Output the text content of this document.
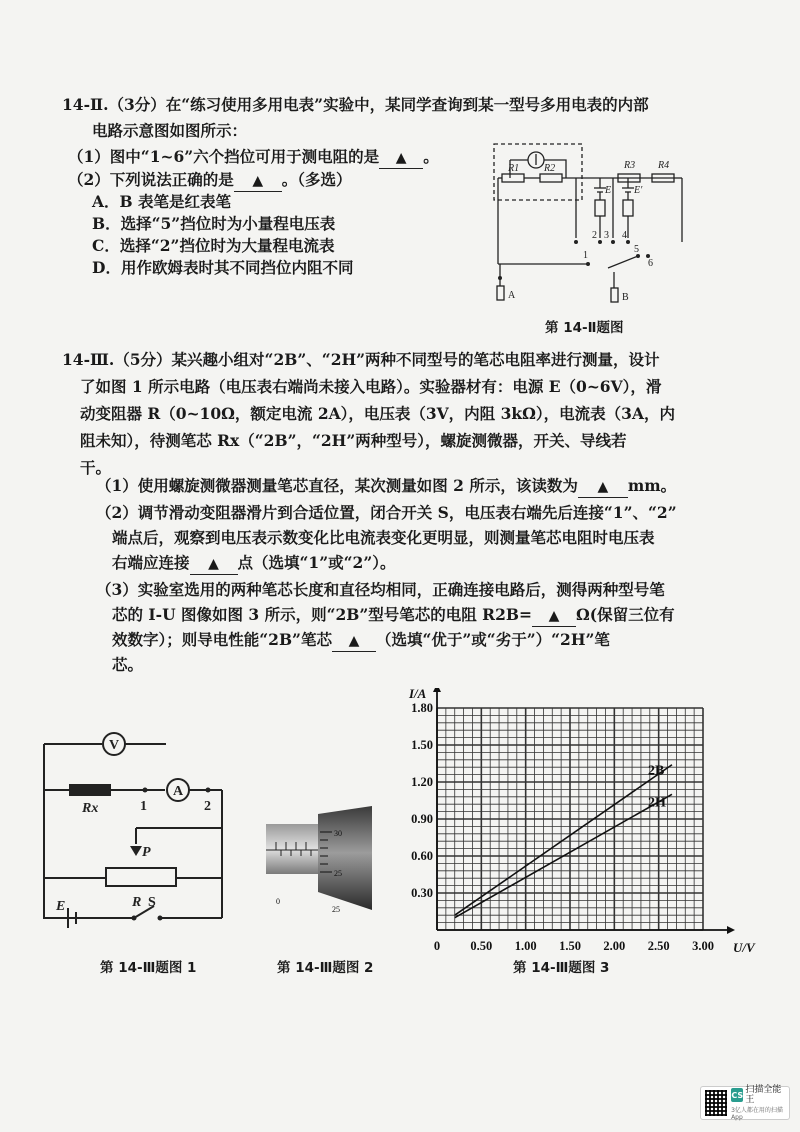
14-Ⅱ.（3分）在“练习使用多用电表”实验中，某同学查询到某一型号多用电表的内部
电路示意图如图所示：
（1）图中“1~6”六个挡位可用于测电阻的是 ▲ 。
（2）下列说法正确的是 ▲ 。（多选）
A．B 表笔是红表笔
B．选择“5”挡位时为小量程电压表
C．选择“2”挡位时为大量程电流表
D．用作欧姆表时其不同挡位内阻不同
R1 R2	R3 R4
E E′
A	B
1
2 3 4
5
6
第 14-Ⅱ题图
14-Ⅲ.（5分）某兴趣小组对“2B”、“2H”两种不同型号的笔芯电阻率进行测量，设计
了如图 1 所示电路（电压表右端尚未接入电路）。实验器材有：电源 E（0~6V），滑
动变阻器 R（0~10Ω，额定电流 2A），电压表（3V，内阻 3kΩ），电流表（3A，内
阻未知），待测笔芯 Rx（“2B”，“2H”两种型号），螺旋测微器，开关、导线若
干。
（1）使用螺旋测微器测量笔芯直径，某次测量如图 2 所示，该读数为 ▲ mm。
（2）调节滑动变阻器滑片到合适位置，闭合开关 S，电压表右端先后连接“1”、“2”
端点后，观察到电压表示数变化比电流表变化更明显，则测量笔芯电阻时电压表
右端应连接 ▲ 点（选填“1”或“2”）。
（3）实验室选用的两种笔芯长度和直径均相同，正确连接电路后，测得两种型号笔
芯的 I-U 图像如图 3 所示，则“2B”型号笔芯的电阻 R2B= ▲ Ω(保留三位有
效数字）；则导电性能“2B”笔芯 ▲ （选填“优于”或“劣于”）“2H”笔
芯。
V
A
Rx	1	2
P
R
E	S
第 14-Ⅲ题图 1
30
25
0
25
第 14-Ⅲ题图 2
2B
2H
0 0.50 1.00 1.50 2.00 2.50 3.00
0.30
0.60
0.90
1.20
1.50
1.80
U/V
I/A
第 14-Ⅲ题图 3
CS 扫描全能王
3亿人都在用的扫描App
